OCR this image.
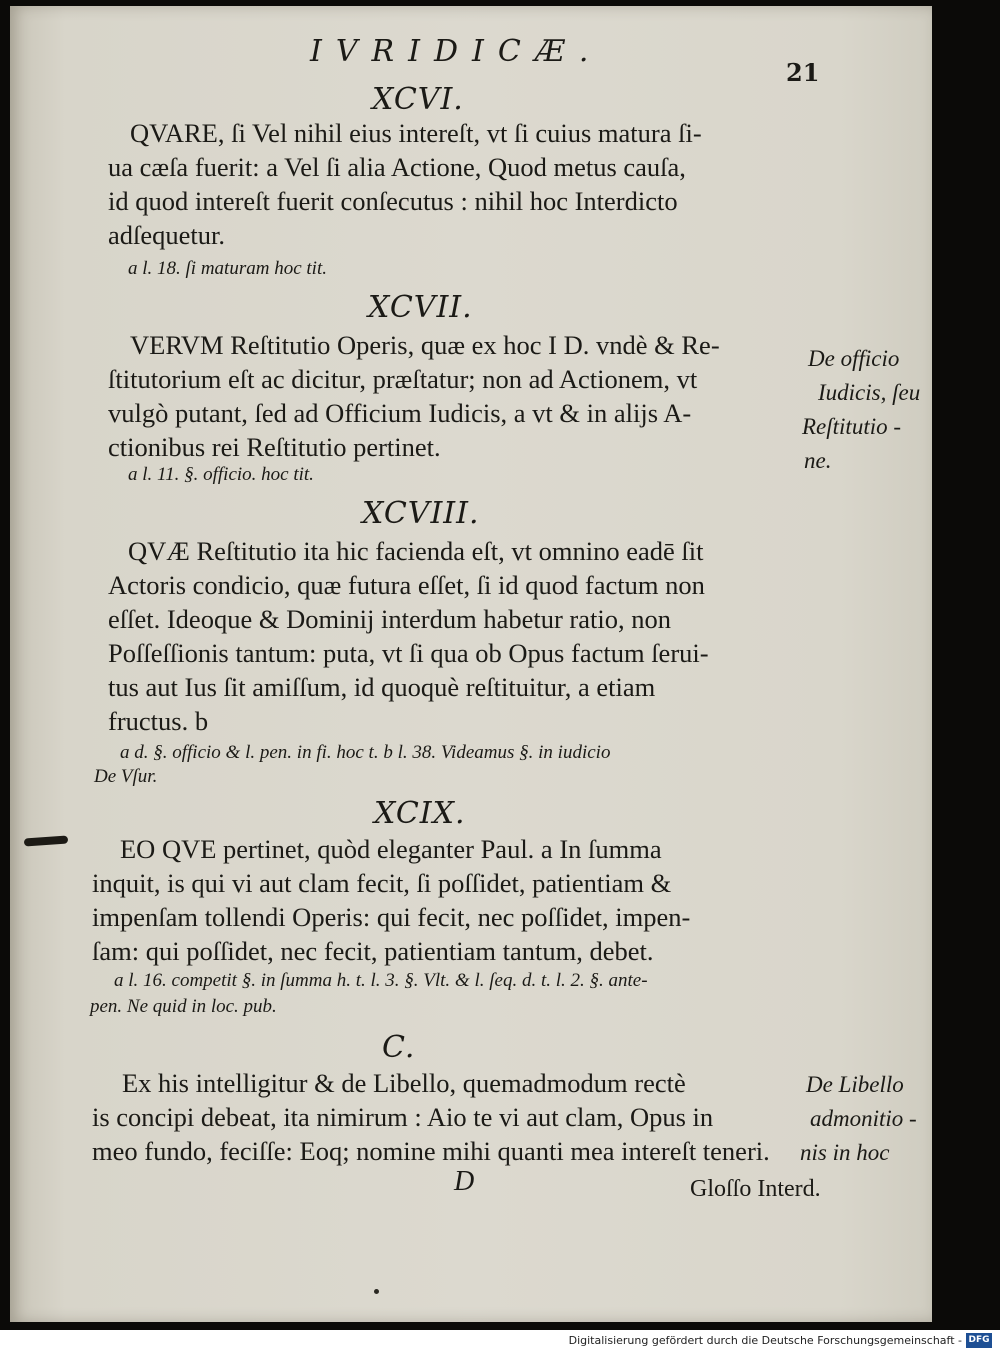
IVRIDICÆ.
21
XCVI.
QVARE, ſi Vel nihil eius intereſt, vt ſi cuius matura ſi-
ua cæſa fuerit: a Vel ſi alia Actione, Quod metus cauſa,
id quod intereſt fuerit conſecutus : nihil hoc Interdicto
adſequetur.
a l. 18. ſi maturam hoc tit.
XCVII.
VERVM Reſtitutio Operis, quæ ex hoc I D. vndè & Re-
ſtitutorium eſt ac dicitur, præſtatur; non ad Actionem, vt
vulgò putant, ſed ad Officium Iudicis, a vt & in alijs A-
ctionibus rei Reſtitutio pertinet.
a l. 11. §. officio. hoc tit.
De officio
Iudicis, ſeu
Reſtitutio -
ne.
XCVIII.
QVÆ Reſtitutio ita hic facienda eſt, vt omnino eadē ſit
Actoris condicio, quæ futura eſſet, ſi id quod factum non
eſſet. Ideoque & Dominij interdum habetur ratio, non
Poſſeſſionis tantum: puta, vt ſi qua ob Opus factum ſerui-
tus aut Ius ſit amiſſum, id quoquè reſtituitur, a etiam
fructus. b
a d. §. officio & l. pen. in fi. hoc t. b l. 38. Videamus §. in iudicio
De Vſur.
XCIX.
EO QVE pertinet, quòd eleganter Paul. a In ſumma
inquit, is qui vi aut clam fecit, ſi poſſidet, patientiam &
impenſam tollendi Operis: qui fecit, nec poſſidet, impen-
ſam: qui poſſidet, nec fecit, patientiam tantum, debet.
a l. 16. competit §. in ſumma h. t. l. 3. §. Vlt. & l. ſeq. d. t. l. 2. §. ante-
pen. Ne quid in loc. pub.
C.
Ex his intelligitur & de Libello, quemadmodum rectè
is concipi debeat, ita nimirum : Aio te vi aut clam, Opus in
meo fundo, feciſſe: Eoq; nomine mihi quanti mea intereſt teneri.
De Libello
admonitio -
nis in hoc
D	Gloſſo Interd.
Digitalisierung gefördert durch die Deutsche Forschungsgemeinschaft - DFG
